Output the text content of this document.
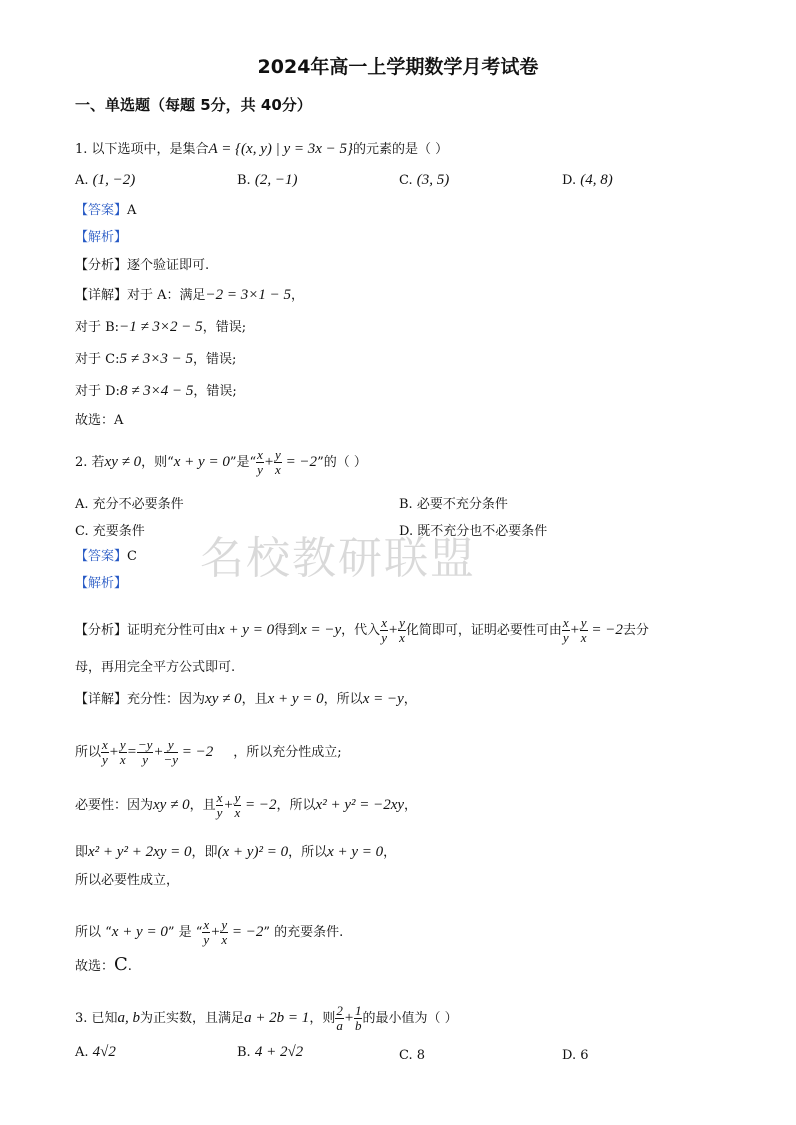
2024年高一上学期数学月考试卷
一、单选题（每题 5分，共 40分）
1. 以下选项中，是集合A = {(x, y) | y = 3x − 5}的元素的是（ ）
A. (1, −2)	B. (2, −1)	C. (3, 5)	D. (4, 8)
【答案】A
【解析】
【分析】逐个验证即可.
【详解】对于 A：满足−2 = 3×1 − 5，
对于 B:−1 ≠ 3×2 − 5，错误;
对于 C:5 ≠ 3×3 − 5，错误;
对于 D:8 ≠ 3×4 − 5，错误;
故选：A
2. 若xy ≠ 0，则“x + y = 0”是“ $\frac{x}{y} + \frac{y}{x} = -2$”的（ ）
A. 充分不必要条件	B. 必要不充分条件
C. 充要条件	D. 既不充分也不必要条件
名校教研联盟
【答案】C
【解析】
【分析】证明充分性可由x + y = 0得到x = −y，代入 $\frac{x}{y} + \frac{y}{x}$ 化简即可，证明必要性可由 $\frac{x}{y} + \frac{y}{x} = -2$去分
母，再用完全平方公式即可.
【详解】充分性：因为xy ≠ 0，且x + y = 0，所以x = −y，
所以 $\frac{x}{y} + \frac{y}{x} = \frac{-y}{y} + \frac{y}{-y} = -2$ ，所以充分性成立;
必要性：因为xy ≠ 0，且 $\frac{x}{y} + \frac{y}{x} = -2$，所以x² + y² = −2xy，
即x² + y² + 2xy = 0，即(x + y)² = 0，所以x + y = 0，
所以必要性成立，
所以 “x + y = 0” 是 “ $\frac{x}{y} + \frac{y}{x} = -2$” 的充要条件.
故选：C.
3. 已知a, b为正实数，且满足a + 2b = 1，则 $\frac{2}{a} + \frac{1}{b}$ 的最小值为（ ）
A. 4√2	B. 4 + 2√2	C. 8	D. 6
